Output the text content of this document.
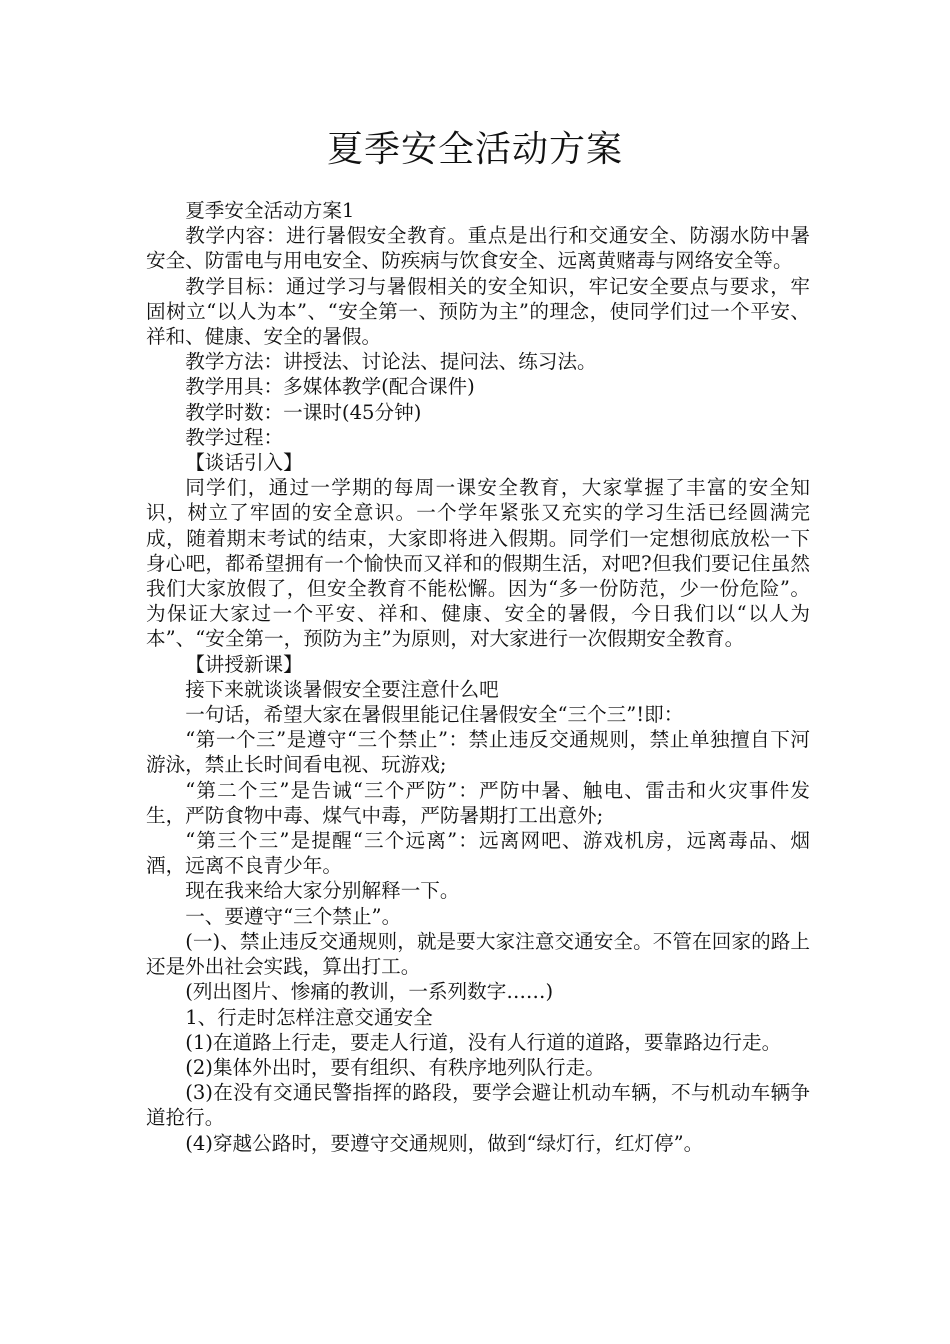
夏季安全活动方案

夏季安全活动方案1

教学内容：进行暑假安全教育。重点是出行和交通安全、防溺水防中暑安全、防雷电与用电安全、防疾病与饮食安全、远离黄赌毒与网络安全等。

教学目标：通过学习与暑假相关的安全知识，牢记安全要点与要求，牢固树立“以人为本”、“安全第一、预防为主”的理念，使同学们过一个平安、祥和、健康、安全的暑假。

教学方法：讲授法、讨论法、提问法、练习法。

教学用具：多媒体教学(配合课件)

教学时数：一课时(45分钟)

教学过程：

【谈话引入】

同学们，通过一学期的每周一课安全教育，大家掌握了丰富的安全知识，树立了牢固的安全意识。一个学年紧张又充实的学习生活已经圆满完成，随着期末考试的结束，大家即将进入假期。同学们一定想彻底放松一下身心吧，都希望拥有一个愉快而又祥和的假期生活，对吧?但我们要记住虽然我们大家放假了，但安全教育不能松懈。因为“多一份防范，少一份危险”。为保证大家过一个平安、祥和、健康、安全的暑假，今日我们以“以人为本”、“安全第一，预防为主”为原则，对大家进行一次假期安全教育。

【讲授新课】

接下来就谈谈暑假安全要注意什么吧

一句话，希望大家在暑假里能记住暑假安全“三个三”!即：

“第一个三”是遵守“三个禁止”：禁止违反交通规则，禁止单独擅自下河游泳，禁止长时间看电视、玩游戏;

“第二个三”是告诫“三个严防”：严防中暑、触电、雷击和火灾事件发生，严防食物中毒、煤气中毒，严防暑期打工出意外;

“第三个三”是提醒“三个远离”：远离网吧、游戏机房，远离毒品、烟酒，远离不良青少年。

现在我来给大家分别解释一下。

一、要遵守“三个禁止”。

(一)、禁止违反交通规则，就是要大家注意交通安全。不管在回家的路上还是外出社会实践，算出打工。

(列出图片、惨痛的教训，一系列数字……)

1、行走时怎样注意交通安全

(1)在道路上行走，要走人行道，没有人行道的道路，要靠路边行走。

(2)集体外出时，要有组织、有秩序地列队行走。

(3)在没有交通民警指挥的路段，要学会避让机动车辆，不与机动车辆争道抢行。

(4)穿越公路时，要遵守交通规则，做到“绿灯行，红灯停”。
